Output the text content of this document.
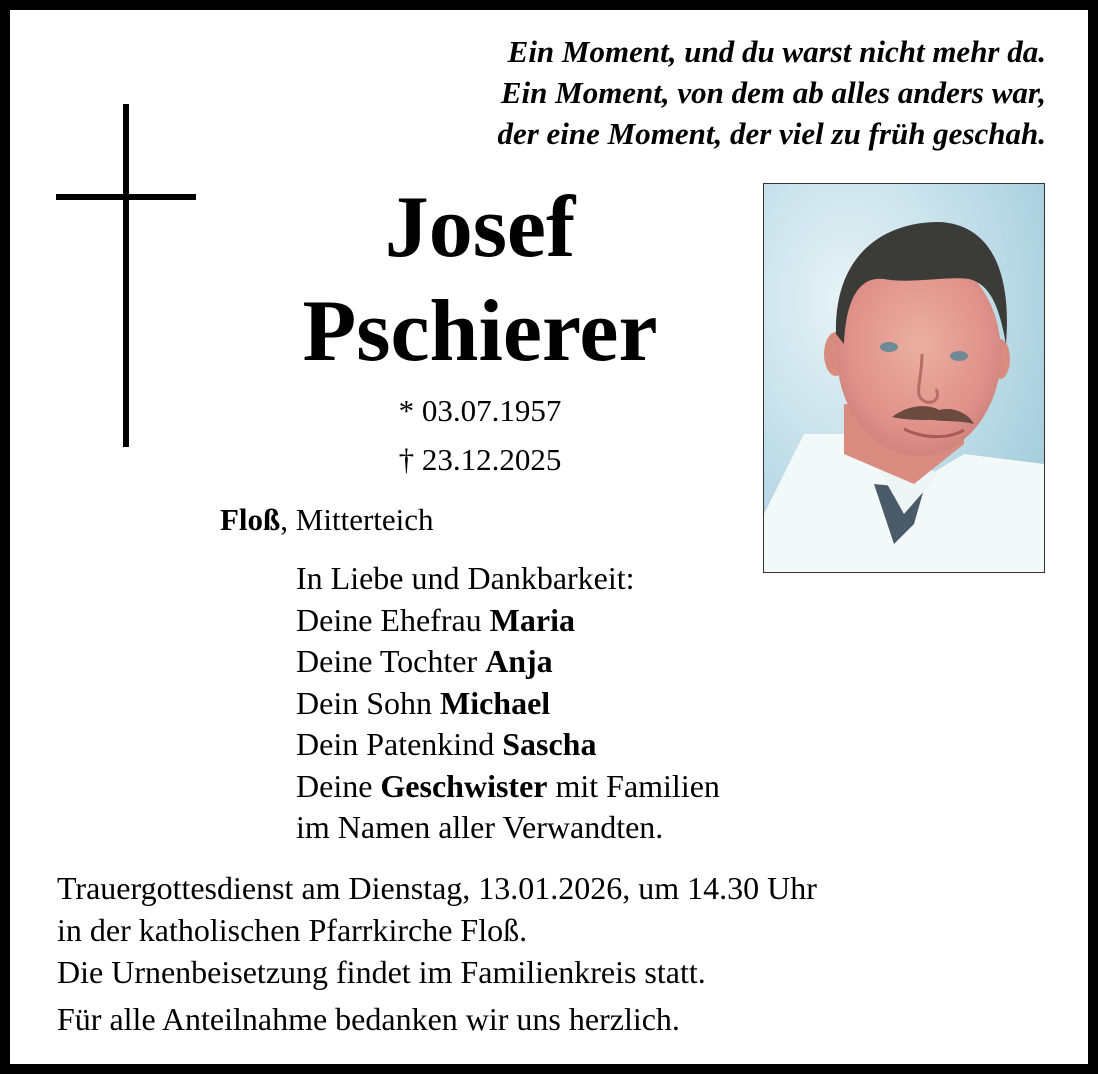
Ein Moment, und du warst nicht mehr da.
Ein Moment, von dem ab alles anders war,
der eine Moment, der viel zu früh geschah.
Josef
Pschierer
* 03.07.1957
† 23.12.2025
Floß, Mitterteich
In Liebe und Dankbarkeit:
Deine Ehefrau Maria
Deine Tochter Anja
Dein Sohn Michael
Dein Patenkind Sascha
Deine Geschwister mit Familien
im Namen aller Verwandten.
Trauergottesdienst am Dienstag, 13.01.2026, um 14.30 Uhr
in der katholischen Pfarrkirche Floß.
Die Urnenbeisetzung findet im Familienkreis statt.
Für alle Anteilnahme bedanken wir uns herzlich.
